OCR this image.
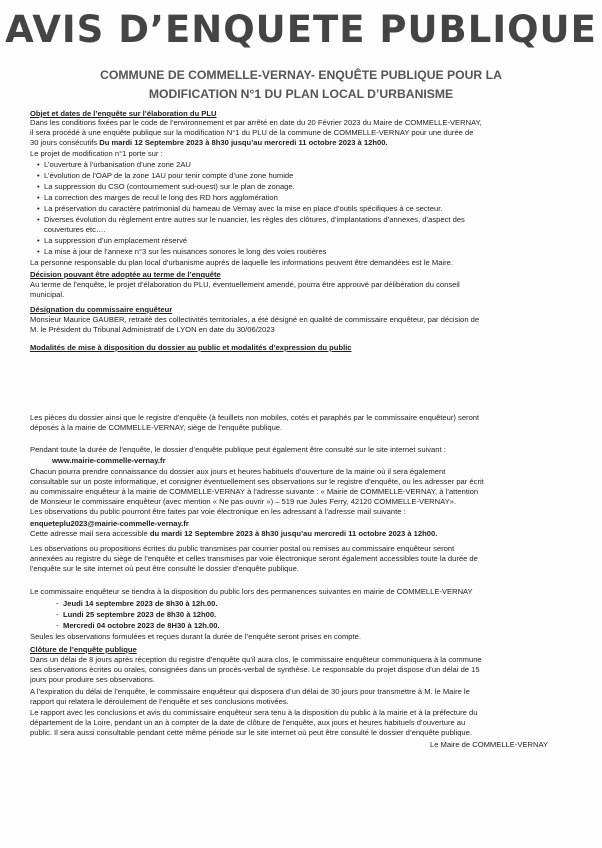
AVIS D’ENQUETE PUBLIQUE
COMMUNE DE COMMELLE-VERNAY- ENQUÊTE PUBLIQUE POUR LA
MODIFICATION N°1 DU PLAN LOCAL D’URBANISME
Objet et dates de l’enquête sur l’élaboration du PLU
Dans les conditions fixées par le code de l’environnement et par arrêté en date du 20 Février 2023 du Maire de COMMELLE-VERNAY,
il sera procédé à une enquête publique sur la modification N°1 du PLU de la commune de COMMELLE-VERNAY pour une durée de
30 jours consécutifs Du mardi 12 Septembre 2023 à 8h30 jusqu’au mercredi 11 octobre 2023 à 12h00.
Le projet de modification n°1 porte sur :
• L’ouverture à l’urbanisation d’une zone 2AU
• L’évolution de l’OAP de la zone 1AU pour tenir compte d’une zone humide
• La suppression du CSO (contournement sud-ouest) sur le plan de zonage.
• La correction des marges de recul le long des RD hors agglomération
• La préservation du caractère patrimonial du hameau de Vernay avec la mise en place d’outils spécifiques à ce secteur.
• Diverses évolution du règlement entre autres sur le nuancier, les règles des clôtures, d’implantations d’annexes, d’aspect des
couvertures etc….
• La suppression d’un emplacement réservé
• La mise à jour de l’annexe n°3 sur les nuisances sonores le long des voies routières
La personne responsable du plan local d’urbanisme auprès de laquelle les informations peuvent être demandées est le Maire.
Décision pouvant être adoptée au terme de l’enquête
Au terme de l’enquête, le projet d’élaboration du PLU, éventuellement amendé, pourra être approuvé par délibération du conseil
municipal.
Désignation du commissaire enquêteur
Monsieur Maurice GAUBER, retraité des collectivités territoriales, a été désigné en qualité de commissaire enquêteur, par décision de
M. le Président du Tribunal Administratif de LYON en date du 30/06/2023
Modalités de mise à disposition du dossier au public et modalités d’expression du public
Les pièces du dossier ainsi que le registre d’enquête (à feuillets non mobiles, cotés et paraphés par le commissaire enquêteur) seront
déposés à la mairie de COMMELLE-VERNAY, siège de l’enquête publique.
Pendant toute la durée de l’enquête, le dossier d’enquête publique peut également être consulté sur le site internet suivant :
www.mairie-commelle-vernay.fr
Chacun pourra prendre connaissance du dossier aux jours et heures habituels d’ouverture de la mairie où il sera également
consultable sur un poste informatique, et consigner éventuellement ses observations sur le registre d’enquête, ou les adresser par écrit
au commissaire enquêteur à la mairie de COMMELLE-VERNAY à l’adresse suivante : « Mairie de COMMELLE-VERNAY, à l’attention
de Monsieur le commissaire enquêteur (avec mention « Ne pas ouvrir ») – 519 rue Jules Ferry, 42120 COMMELLE-VERNAY».
Les observations du public pourront être faites par voie électronique en les adressant à l’adresse mail suivante :
enqueteplu2023@mairie-commelle-vernay.fr
Cette adresse mail sera accessible du mardi 12 Septembre 2023 à 8h30 jusqu’au mercredi 11 octobre 2023 à 12h00.
Les observations ou propositions écrites du public transmises par courrier postal ou remises au commissaire enquêteur seront
annexées au registre du siège de l’enquête et celles transmises par voie électronique seront également accessibles toute la durée de
l’enquête sur le site internet où peut être consulté le dossier d’enquête publique.
Le commissaire enquêteur se tiendra à la disposition du public lors des permanences suivantes en mairie de COMMELLE-VERNAY
- Jeudi 14 septembre 2023 de 8h30 à 12h.00.
- Lundi 25 septembre 2023 de 8h30 à 12h00.
- Mercredi 04 octobre 2023 de 8H30 à 12h.00.
Seules les observations formulées et reçues durant la durée de l’enquête seront prises en compte.
Clôture de l’enquête publique
Dans un délai de 8 jours après réception du registre d’enquête qu’il aura clos, le commissaire enquêteur communiquera à la commune
ses observations écrites ou orales, consignées dans un procès-verbal de synthèse. Le responsable du projet dispose d’un délai de 15
jours pour produire ses observations.
A l’expiration du délai de l’enquête, le commissaire enquêteur qui disposera d’un délai de 30 jours pour transmettre à M. le Maire le
rapport qui relatera le déroulement de l’enquête et ses conclusions motivées.
Le rapport avec les conclusions et avis du commissaire enquêteur sera tenu à la disposition du public à la mairie et à la préfecture du
département de la Loire, pendant un an à compter de la date de clôture de l’enquête, aux jours et heures habituels d’ouverture au
public. Il sera aussi consultable pendant cette même période sur le site internet où peut être consulté le dossier d’enquête publique.
Le Maire de COMMELLE-VERNAY
